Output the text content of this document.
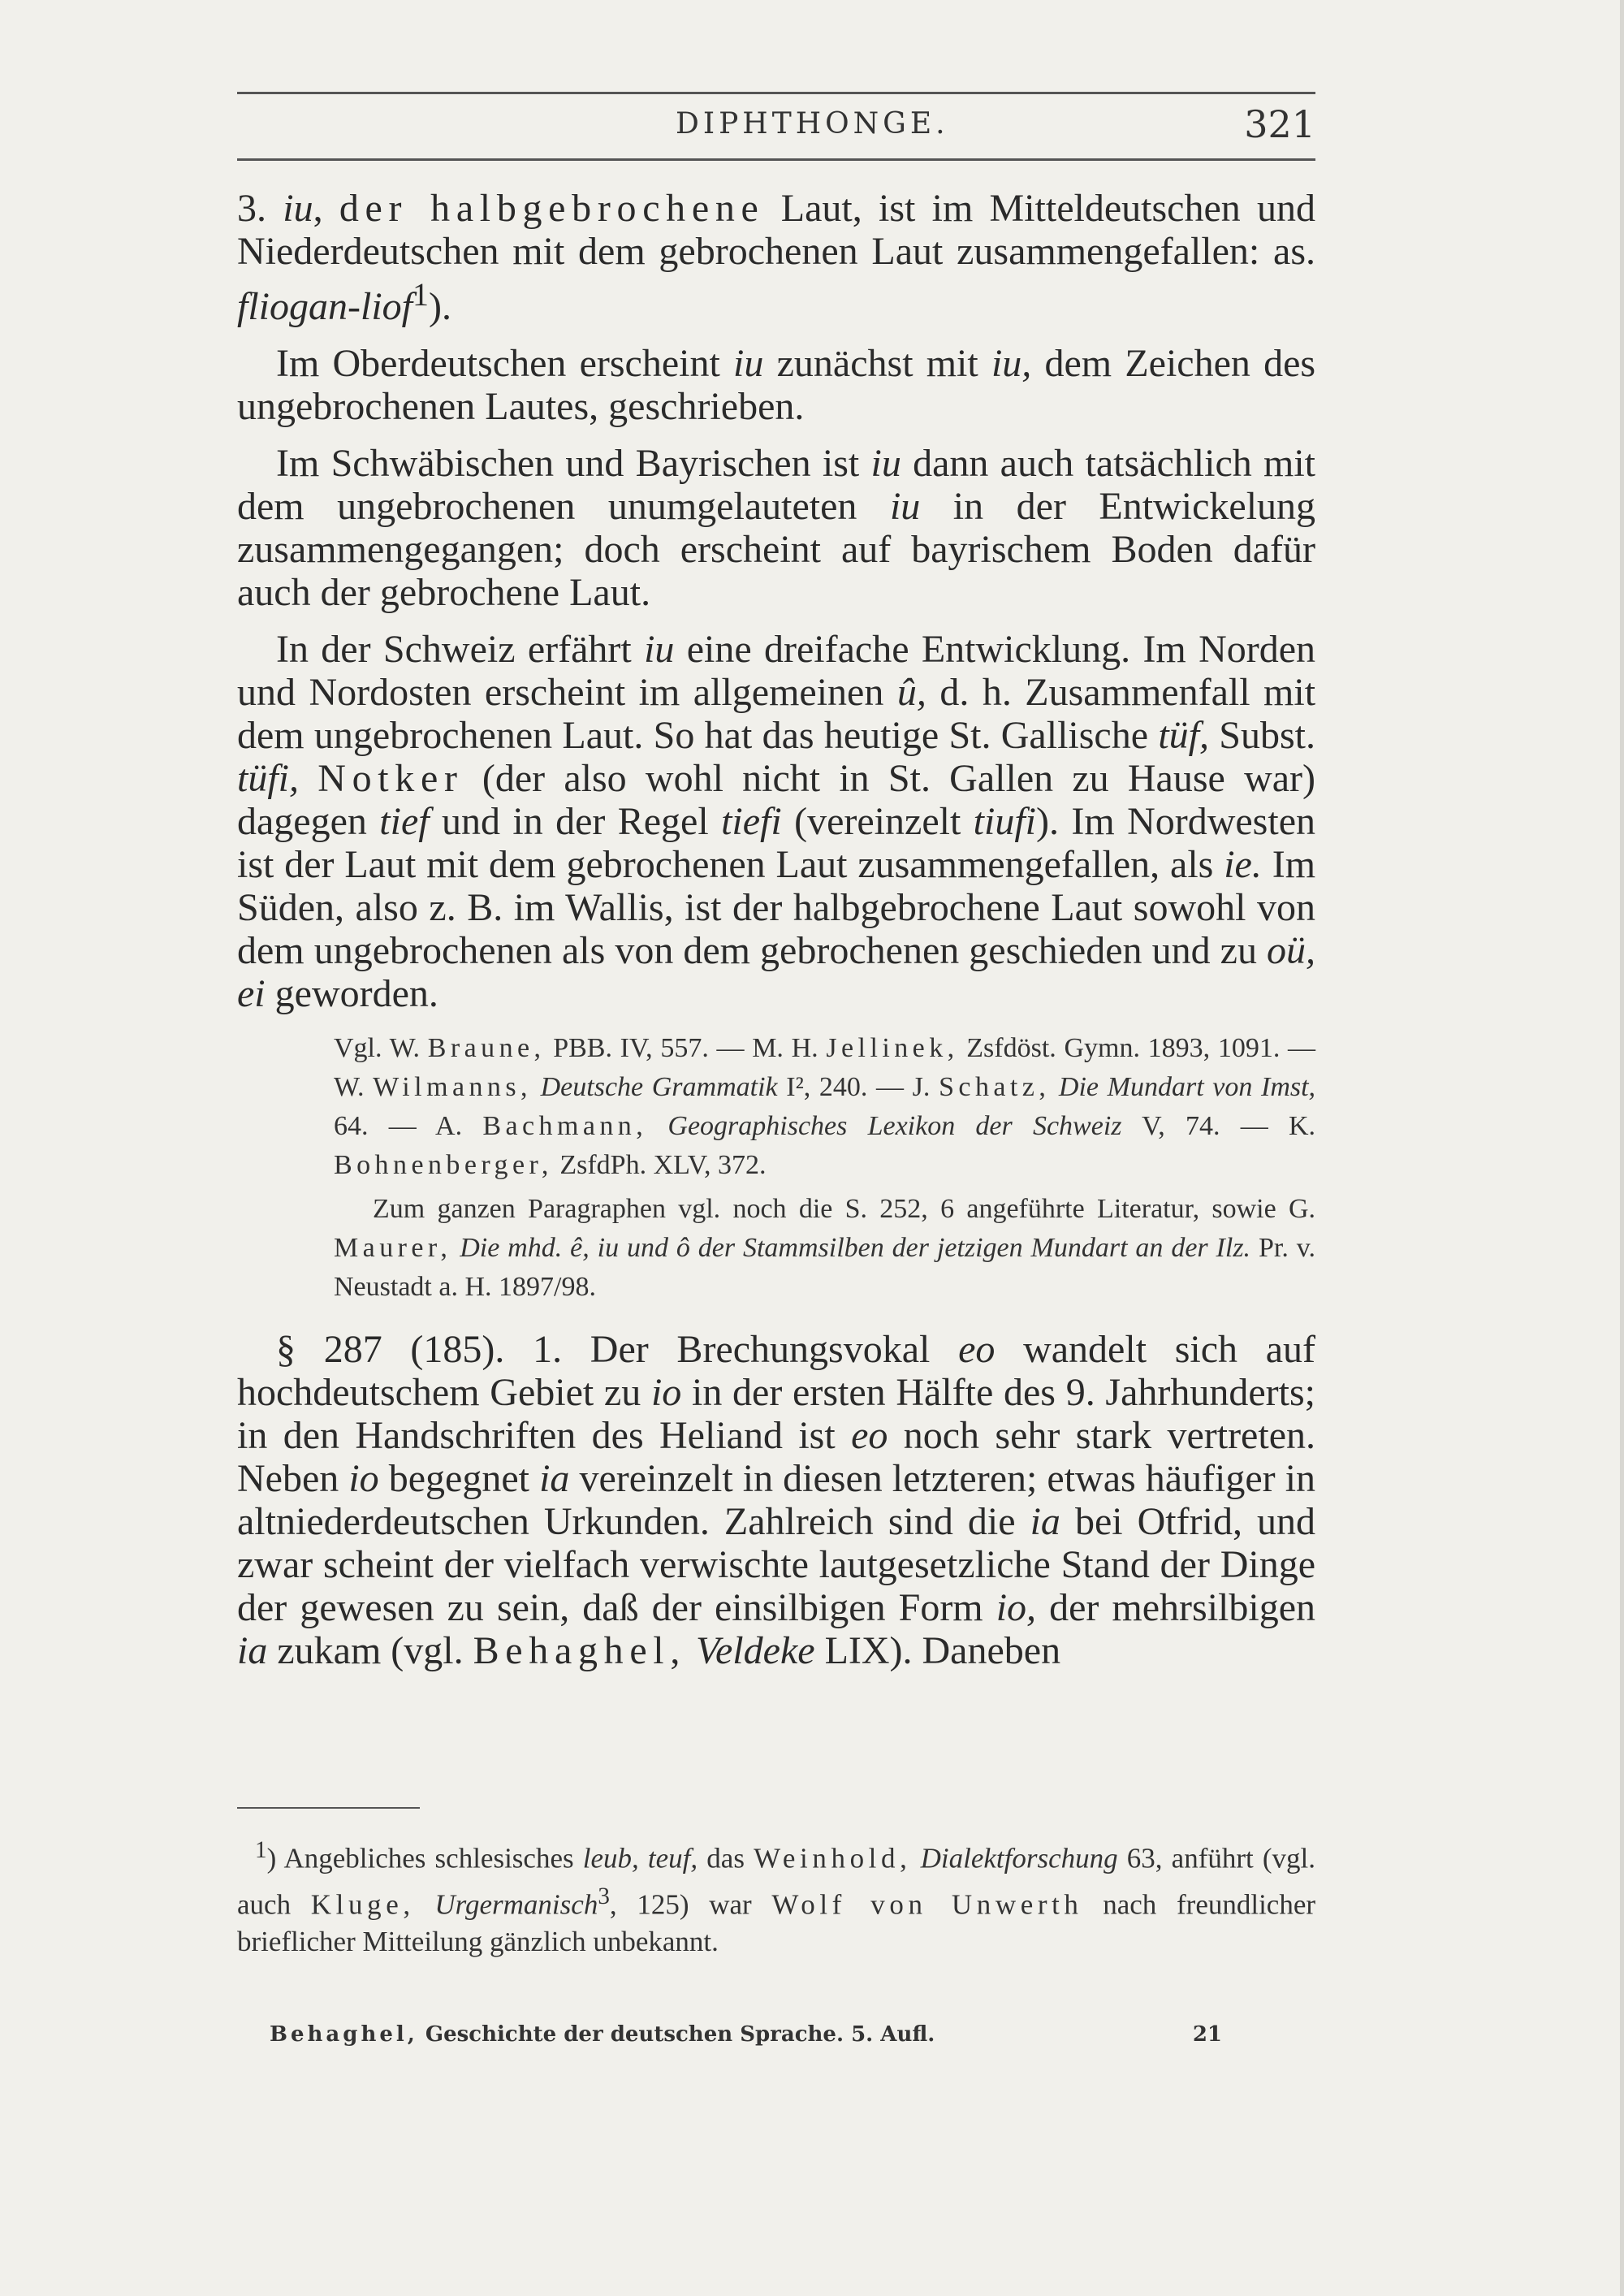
DIPHTHONGE.	321

3. iu, der halbgebrochene Laut, ist im Mitteldeutschen und Niederdeutschen mit dem gebrochenen Laut zusammengefallen: as. fliogan-liof$^1$).

Im Oberdeutschen erscheint iu zunächst mit iu, dem Zeichen des ungebrochenen Lautes, geschrieben.

Im Schwäbischen und Bayrischen ist iu dann auch tatsächlich mit dem ungebrochenen unumgelauteten iu in der Entwickelung zusammengegangen; doch erscheint auf bayrischem Boden dafür auch der gebrochene Laut.

In der Schweiz erfährt iu eine dreifache Entwicklung. Im Norden und Nordosten erscheint im allgemeinen û, d. h. Zusammenfall mit dem ungebrochenen Laut. So hat das heutige St. Gallische tüf, Subst. tüfi, Notker (der also wohl nicht in St. Gallen zu Hause war) dagegen tief und in der Regel tiefi (vereinzelt tiufi). Im Nordwesten ist der Laut mit dem gebrochenen Laut zusammengefallen, als ie. Im Süden, also z. B. im Wallis, ist der halbgebrochene Laut sowohl von dem ungebrochenen als von dem gebrochenen geschieden und zu oü, ei geworden.

Vgl. W. Braune, PBB. IV, 557. — M. H. Jellinek, Zsfdöst. Gymn. 1893, 1091. — W. Wilmanns, Deutsche Grammatik I², 240. — J. Schatz, Die Mundart von Imst, 64. — A. Bachmann, Geographisches Lexikon der Schweiz V, 74. — K. Bohnenberger, ZsfdPh. XLV, 372.

Zum ganzen Paragraphen vgl. noch die S. 252, 6 angeführte Literatur, sowie G. Maurer, Die mhd. ê, iu und ô der Stammsilben der jetzigen Mundart an der Ilz. Pr. v. Neustadt a. H. 1897/98.

§ 287 (185). 1. Der Brechungsvokal eo wandelt sich auf hochdeutschem Gebiet zu io in der ersten Hälfte des 9. Jahrhunderts; in den Handschriften des Heliand ist eo noch sehr stark vertreten. Neben io begegnet ia vereinzelt in diesen letzteren; etwas häufiger in altniederdeutschen Urkunden. Zahlreich sind die ia bei Otfrid, und zwar scheint der vielfach verwischte lautgesetzliche Stand der Dinge der gewesen zu sein, daß der einsilbigen Form io, der mehrsilbigen ia zukam (vgl. Behaghel, Veldeke LIX). Daneben

$^1$) Angebliches schlesisches leub, teuf, das Weinhold, Dialektforschung 63, anführt (vgl. auch Kluge, Urgermanisch$^3$, 125) war Wolf von Unwerth nach freundlicher brieflicher Mitteilung gänzlich unbekannt.
Behaghel, Geschichte der deutschen Sprache. 5. Aufl.	21
